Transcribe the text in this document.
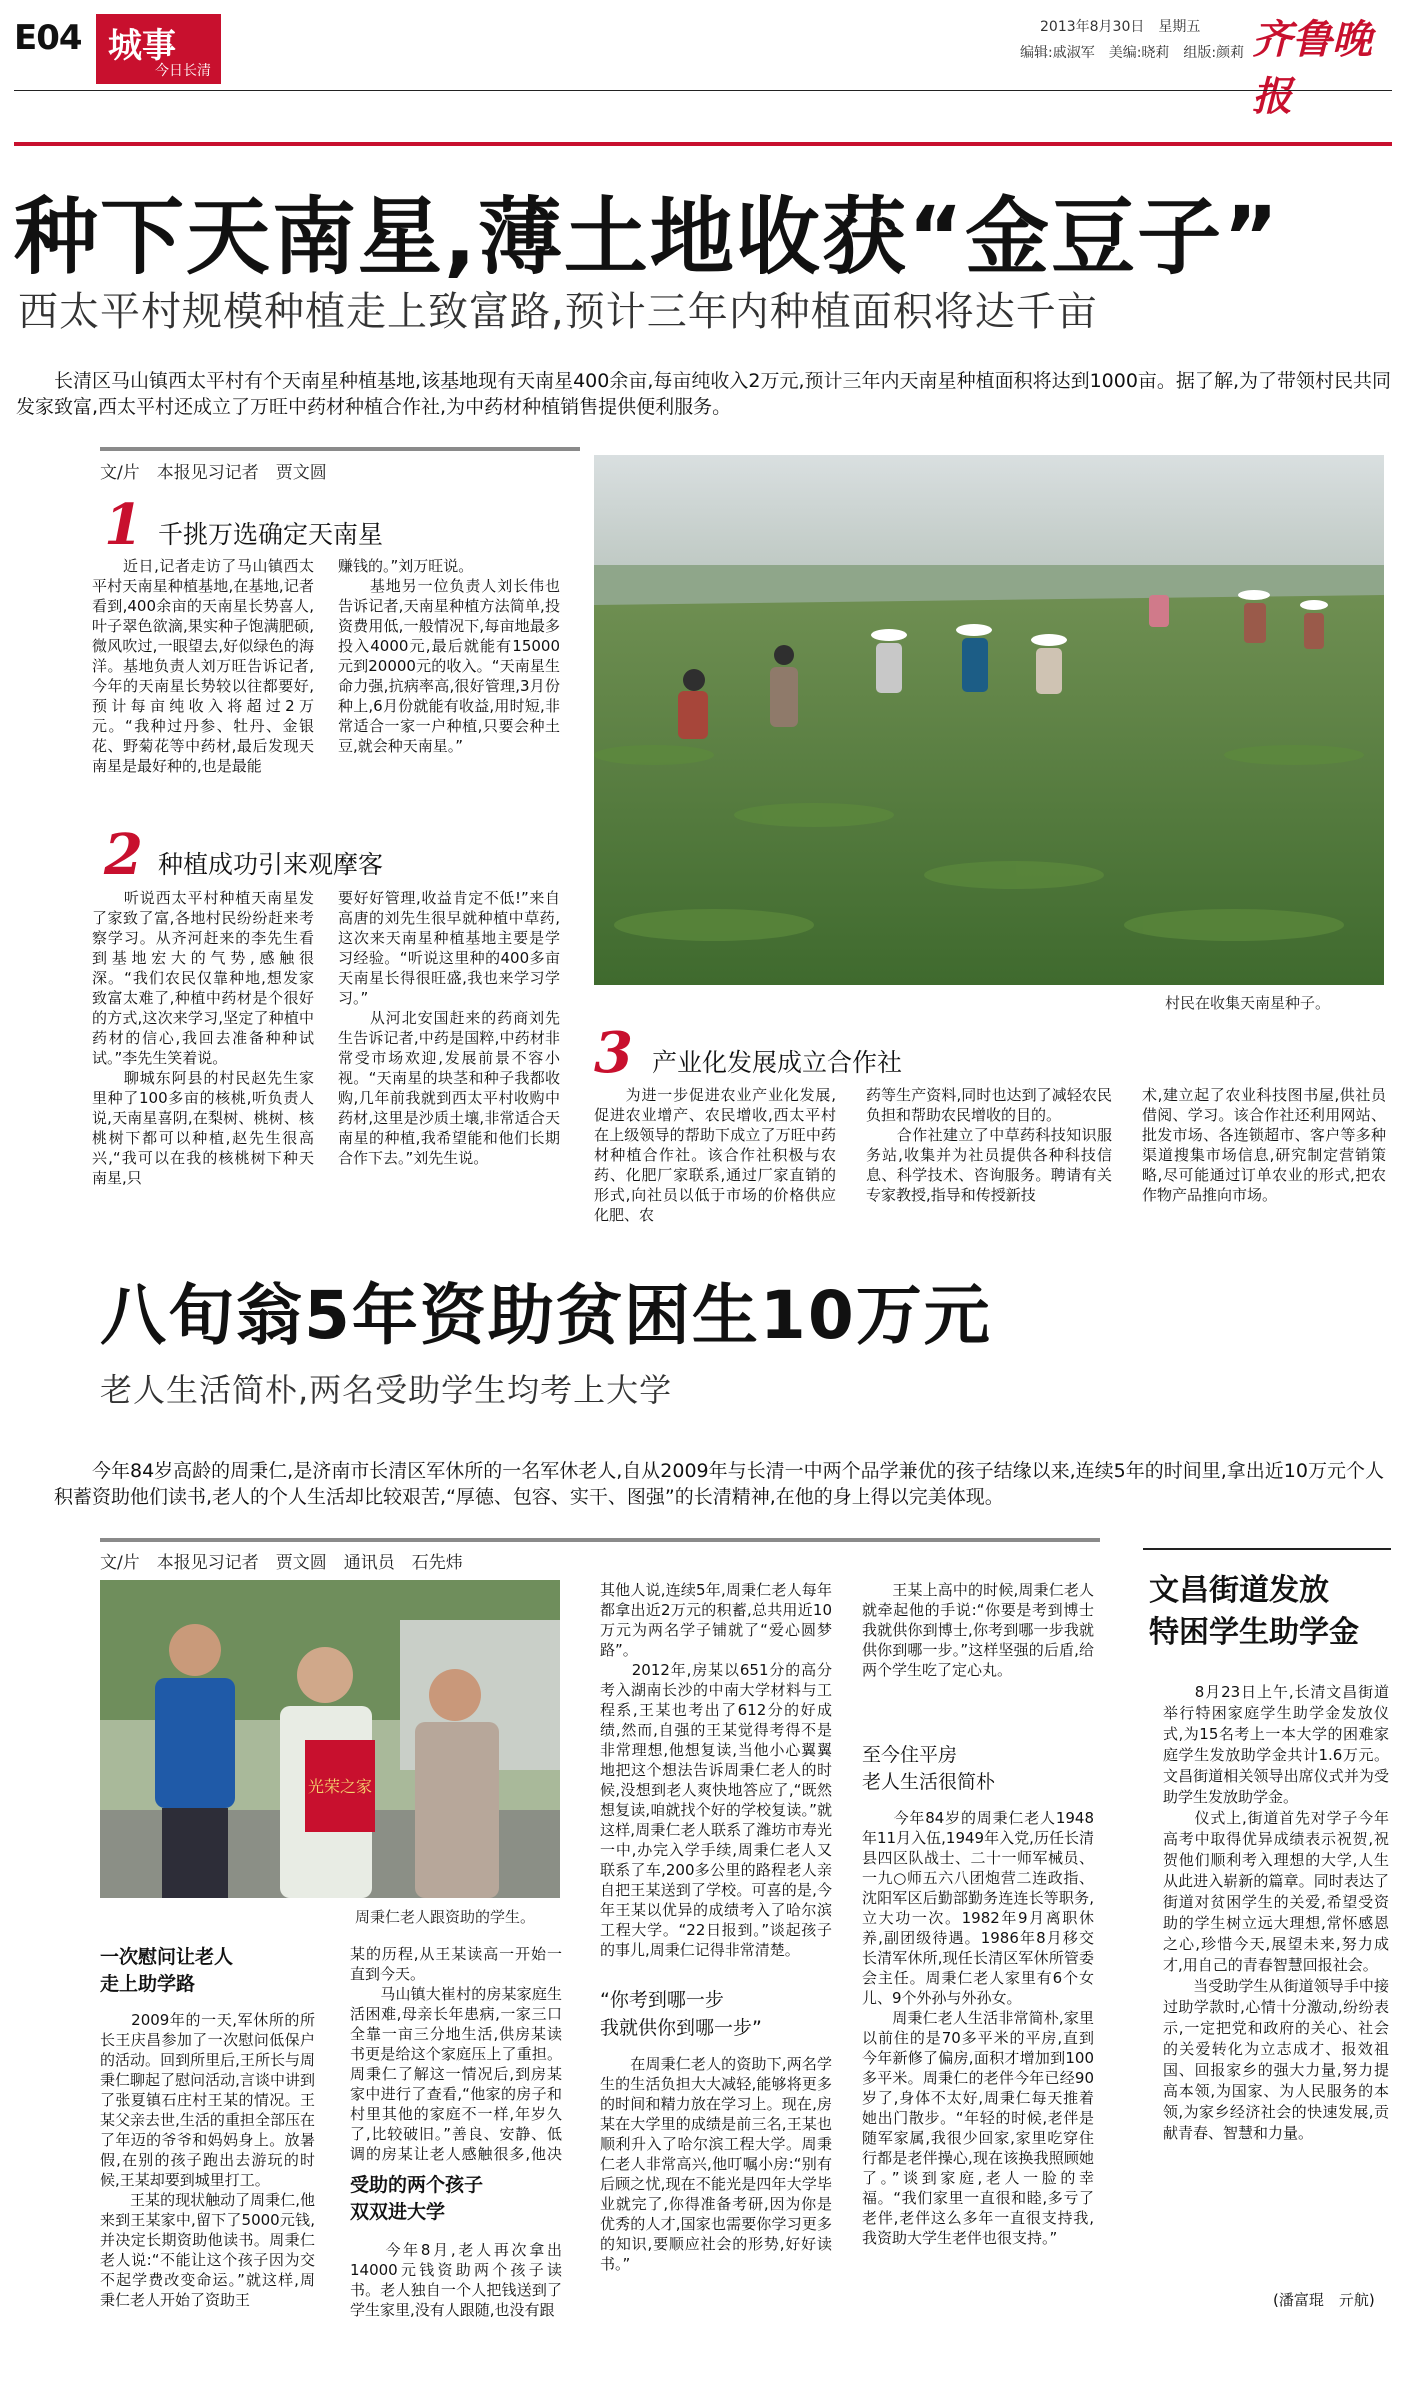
E04 城事
今日长清
2013年8月30日　星期五
编辑:戚淑军　美编:晓莉　组版:颜莉 齐鲁晚报
种下天南星,薄土地收获“金豆子”
西太平村规模种植走上致富路,预计三年内种植面积将达千亩
　　长清区马山镇西太平村有个天南星种植基地,该基地现有天南星400余亩,每亩纯收入2万元,预计三年内天南星种植面积将达到1000亩。据了解,为了带领村民共同发家致富,西太平村还成立了万旺中药材种植合作社,为中药材种植销售提供便利服务。
文/片　本报见习记者　贾文圆
1 千挑万选确定天南星
　　近日,记者走访了马山镇西太平村天南星种植基地,在基地,记者看到,400余亩的天南星长势喜人,叶子翠色欲滴,果实种子饱满肥硕,微风吹过,一眼望去,好似绿色的海洋。基地负责人刘万旺告诉记者,今年的天南星长势较以往都要好,预计每亩纯收入将超过2万元。“我种过丹参、牡丹、金银花、野菊花等中药材,最后发现天南星是最好种的,也是最能
赚钱的。”刘万旺说。
　　基地另一位负责人刘长伟也告诉记者,天南星种植方法简单,投资费用低,一般情况下,每亩地最多投入4000元,最后就能有15000元到20000元的收入。“天南星生命力强,抗病率高,很好管理,3月份种上,6月份就能有收益,用时短,非常适合一家一户种植,只要会种土豆,就会种天南星。”
2 种植成功引来观摩客
　　听说西太平村种植天南星发了家致了富,各地村民纷纷赶来考察学习。从齐河赶来的李先生看到基地宏大的气势,感触很深。“我们农民仅靠种地,想发家致富太难了,种植中药材是个很好的方式,这次来学习,坚定了种植中药材的信心,我回去准备种种试试。”李先生笑着说。
　　聊城东阿县的村民赵先生家里种了100多亩的核桃,听负责人说,天南星喜阴,在梨树、桃树、核桃树下都可以种植,赵先生很高兴,“我可以在我的核桃树下种天南星,只
要好好管理,收益肯定不低!”来自高唐的刘先生很早就种植中草药,这次来天南星种植基地主要是学习经验。“听说这里种的400多亩天南星长得很旺盛,我也来学习学习。”
　　从河北安国赶来的药商刘先生告诉记者,中药是国粹,中药材非常受市场欢迎,发展前景不容小视。“天南星的块茎和种子我都收购,几年前我就到西太平村收购中药材,这里是沙质土壤,非常适合天南星的种植,我希望能和他们长期合作下去。”刘先生说。
村民在收集天南星种子。
3 产业化发展成立合作社
　　为进一步促进农业产业化发展,促进农业增产、农民增收,西太平村在上级领导的帮助下成立了万旺中药材种植合作社。该合作社积极与农药、化肥厂家联系,通过厂家直销的形式,向社员以低于市场的价格供应化肥、农
药等生产资料,同时也达到了减轻农民负担和帮助农民增收的目的。
　　合作社建立了中草药科技知识服务站,收集并为社员提供各种科技信息、科学技术、咨询服务。聘请有关专家教授,指导和传授新技
术,建立起了农业科技图书屋,供社员借阅、学习。该合作社还利用网站、批发市场、各连锁超市、客户等多种渠道搜集市场信息,研究制定营销策略,尽可能通过订单农业的形式,把农作物产品推向市场。
八旬翁5年资助贫困生10万元
老人生活简朴,两名受助学生均考上大学
　　今年84岁高龄的周秉仁,是济南市长清区军休所的一名军休老人,自从2009年与长清一中两个品学兼优的孩子结缘以来,连续5年的时间里,拿出近10万元个人积蓄资助他们读书,老人的个人生活却比较艰苦,“厚德、包容、实干、图强”的长清精神,在他的身上得以完美体现。
文/片　本报见习记者　贾文圆　通讯员　石先炜
光荣之家
周秉仁老人跟资助的学生。
一次慰问让老人
走上助学路
　　2009年的一天,军休所的所长王庆昌参加了一次慰问低保户的活动。回到所里后,王所长与周秉仁聊起了慰问活动,言谈中讲到了张夏镇石庄村王某的情况。王某父亲去世,生活的重担全部压在了年迈的爷爷和妈妈身上。放暑假,在别的孩子跑出去游玩的时候,王某却要到城里打工。
　　王某的现状触动了周秉仁,他来到王某家中,留下了5000元钱,并决定长期资助他读书。周秉仁老人说:“不能让这个孩子因为交不起学费改变命运。”就这样,周秉仁老人开始了资助王
某的历程,从王某读高一开始一直到今天。
　　马山镇大崔村的房某家庭生活困难,母亲长年患病,一家三口全靠一亩三分地生活,供房某读书更是给这个家庭压上了重担。周秉仁了解这一情况后,到房某家中进行了查看,“他家的房子和村里其他的家庭不一样,年岁久了,比较破旧。”善良、安静、低调的房某让老人感触很多,他决
受助的两个孩子
双双进大学
　　今年8月,老人再次拿出14000元钱资助两个孩子读书。老人独自一个人把钱送到了学生家里,没有人跟随,也没有跟
其他人说,连续5年,周秉仁老人每年都拿出近2万元的积蓄,总共用近10万元为两名学子铺就了“爱心圆梦路”。
　　2012年,房某以651分的高分考入湖南长沙的中南大学材料与工程系,王某也考出了612分的好成绩,然而,自强的王某觉得考得不是非常理想,他想复读,当他小心翼翼地把这个想法告诉周秉仁老人的时候,没想到老人爽快地答应了,“既然想复读,咱就找个好的学校复读。”就这样,周秉仁老人联系了潍坊市寿光一中,办完入学手续,周秉仁老人又联系了车,200多公里的路程老人亲自把王某送到了学校。可喜的是,今年王某以优异的成绩考入了哈尔滨工程大学。“22日报到。”谈起孩子的事儿,周秉仁记得非常清楚。
“你考到哪一步
我就供你到哪一步”
　　在周秉仁老人的资助下,两名学生的生活负担大大减轻,能够将更多的时间和精力放在学习上。现在,房某在大学里的成绩是前三名,王某也顺利升入了哈尔滨工程大学。周秉仁老人非常高兴,他叮嘱小房:“别有后顾之忧,现在不能光是四年大学毕业就完了,你得准备考研,因为你是优秀的人才,国家也需要你学习更多的知识,要顺应社会的形势,好好读书。”
　　王某上高中的时候,周秉仁老人就牵起他的手说:“你要是考到博士我就供你到博士,你考到哪一步我就供你到哪一步。”这样坚强的后盾,给两个学生吃了定心丸。
至今住平房
老人生活很简朴
　　今年84岁的周秉仁老人1948年11月入伍,1949年入党,历任长清县四区队战士、二十一师军械员、一九○师五六八团炮营二连政指、沈阳军区后勤部勤务连连长等职务,立大功一次。1982年9月离职休养,副团级待遇。1986年8月移交长清军休所,现任长清区军休所管委会主任。周秉仁老人家里有6个女儿、9个外孙与外孙女。
　　周秉仁老人生活非常简朴,家里以前住的是70多平米的平房,直到今年新修了偏房,面积才增加到100多平米。周秉仁的老伴今年已经90岁了,身体不太好,周秉仁每天推着她出门散步。“年轻的时候,老伴是随军家属,我很少回家,家里吃穿住行都是老伴操心,现在该换我照顾她了。”谈到家庭,老人一脸的幸福。“我们家里一直很和睦,多亏了老伴,老伴这么多年一直很支持我,我资助大学生老伴也很支持。”
文昌街道发放
特困学生助学金
　　8月23日上午,长清文昌街道举行特困家庭学生助学金发放仪式,为15名考上一本大学的困难家庭学生发放助学金共计1.6万元。文昌街道相关领导出席仪式并为受助学生发放助学金。
　　仪式上,街道首先对学子今年高考中取得优异成绩表示祝贺,祝贺他们顺利考入理想的大学,人生从此进入崭新的篇章。同时表达了街道对贫困学生的关爱,希望受资助的学生树立远大理想,常怀感恩之心,珍惜今天,展望未来,努力成才,用自己的青春智慧回报社会。
　　当受助学生从街道领导手中接过助学款时,心情十分激动,纷纷表示,一定把党和政府的关心、社会的关爱转化为立志成才、报效祖国、回报家乡的强大力量,努力提高本领,为国家、为人民服务的本领,为家乡经济社会的快速发展,贡献青春、智慧和力量。
(潘富琨　亓航)
